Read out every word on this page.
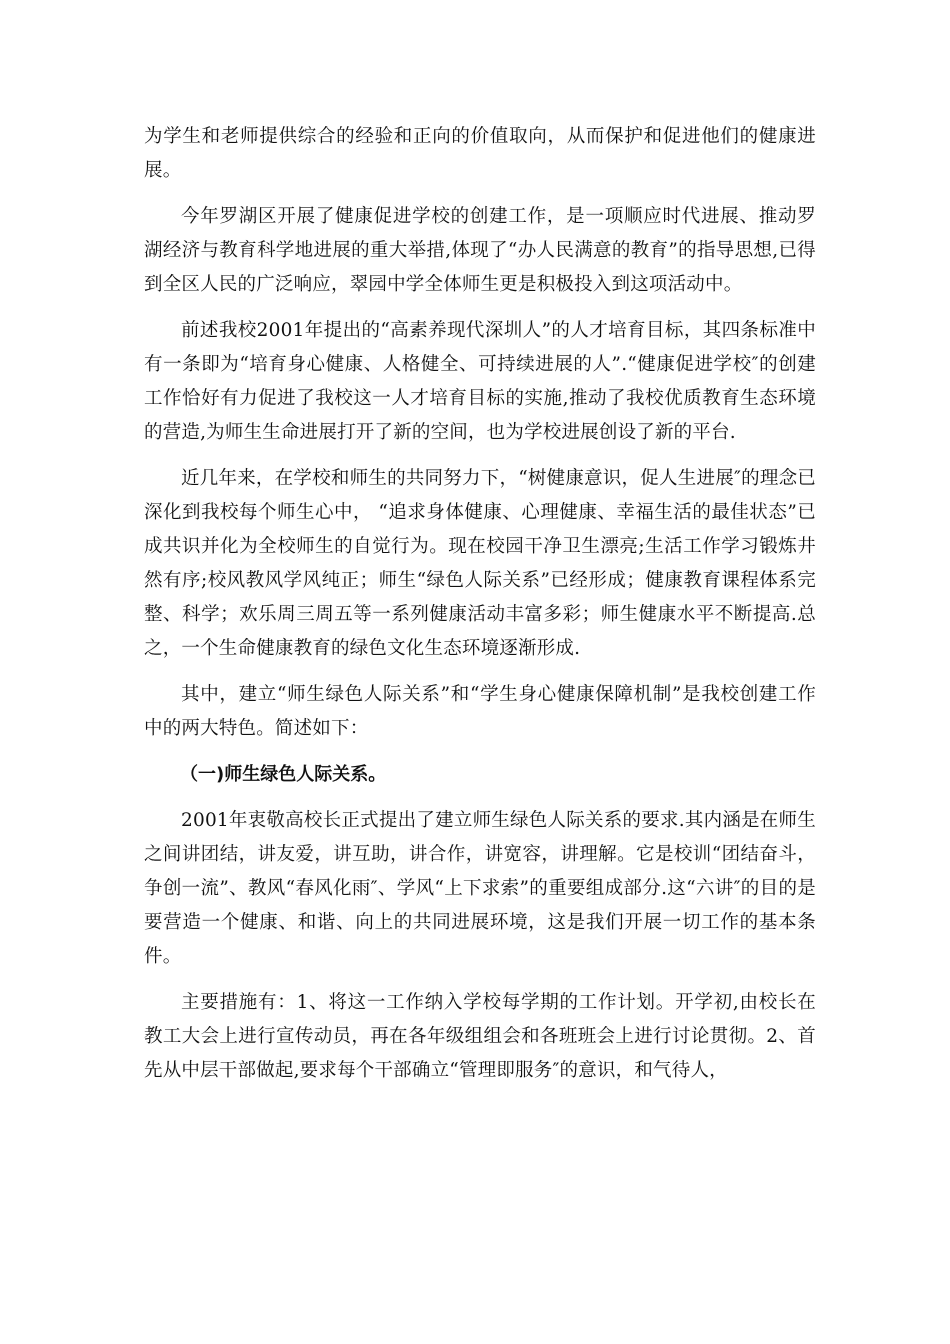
为学生和老师提供综合的经验和正向的价值取向，从而保护和促进他们的健康进展。

今年罗湖区开展了健康促进学校的创建工作，是一项顺应时代进展、推动罗湖经济与教育科学地进展的重大举措,体现了“办人民满意的教育”的指导思想,已得到全区人民的广泛响应，翠园中学全体师生更是积极投入到这项活动中。

前述我校2001年提出的“高素养现代深圳人”的人才培育目标，其四条标准中有一条即为“培育身心健康、人格健全、可持续进展的人”.“健康促进学校″的创建工作恰好有力促进了我校这一人才培育目标的实施,推动了我校优质教育生态环境的营造,为师生生命进展打开了新的空间，也为学校进展创设了新的平台.

近几年来，在学校和师生的共同努力下，“树健康意识，促人生进展″的理念已深化到我校每个师生心中， “追求身体健康、心理健康、幸福生活的最佳状态”已成共识并化为全校师生的自觉行为。现在校园干净卫生漂亮;生活工作学习锻炼井然有序;校风教风学风纯正；师生“绿色人际关系”已经形成；健康教育课程体系完整、科学；欢乐周三周五等一系列健康活动丰富多彩；师生健康水平不断提高.总之，一个生命健康教育的绿色文化生态环境逐渐形成.

其中，建立“师生绿色人际关系”和“学生身心健康保障机制”是我校创建工作中的两大特色。简述如下：

（一)师生绿色人际关系。

2001年衷敬高校长正式提出了建立师生绿色人际关系的要求.其内涵是在师生之间讲团结，讲友爱，讲互助，讲合作，讲宽容，讲理解。它是校训“团结奋斗，争创一流”、教风“春风化雨″、学风“上下求索”的重要组成部分.这“六讲″的目的是要营造一个健康、和谐、向上的共同进展环境，这是我们开展一切工作的基本条件。

主要措施有：1、将这一工作纳入学校每学期的工作计划。开学初,由校长在教工大会上进行宣传动员，再在各年级组组会和各班班会上进行讨论贯彻。2、首先从中层干部做起,要求每个干部确立“管理即服务″的意识，和气待人，
